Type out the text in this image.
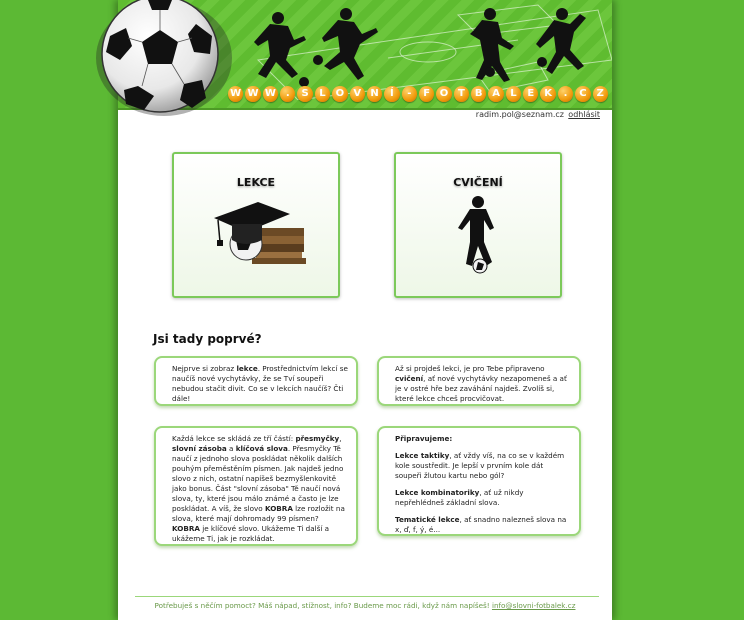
W W W .	S	L O V N	Í	-	F O T	B A	L	E	K	.	C	Z
radim.pol@seznam.cz odhlásit
LEKCE	CVIČENÍ
Jsi tady poprvé?
Nejprve si zobraz lekce. Prostřednictvím lekcí se naučíš nové vychytávky, že se Tví soupeři nebudou stačit divit. Co se v lekcích naučíš? Čti dále!
Až si projdeš lekci, je pro Tebe připraveno cvičení, ať nové vychytávky nezapomeneš a ať je v ostré hře bez zaváhání najdeš. Zvolíš si, které lekce chceš procvičovat.
Každá lekce se skládá ze tří částí: přesmyčky, slovní zásoba a klíčová slova. Přesmyčky Tě naučí z jednoho slova poskládat několik dalších pouhým přeměstěním písmen. Jak najdeš jedno slovo z nich, ostatní napíšeš bezmyšlenkovitě jako bonus. Část "slovní zásoba" Tě naučí nová slova, ty, které jsou málo známé a často je lze poskládat. A víš, že slovo KOBRA lze rozložit na slova, které mají dohromady 99 písmen? KOBRA je klíčové slovo. Ukážeme Ti další a ukážeme Ti, jak je rozkládat.

Připravujeme:

Lekce taktiky, ať vždy víš, na co se v každém kole soustředit. Je lepší v prvním kole dát soupeři žlutou kartu nebo gól?

Lekce kombinatoriky, ať už nikdy nepřehlédneš základní slova.

Tematické lekce, ať snadno nalezneš slova na x, ď, f, ý, é...

Potřebuješ s něčím pomoct? Máš nápad, stížnost, info? Budeme moc rádi, když nám napíšeš! info@slovni-fotbalek.cz
